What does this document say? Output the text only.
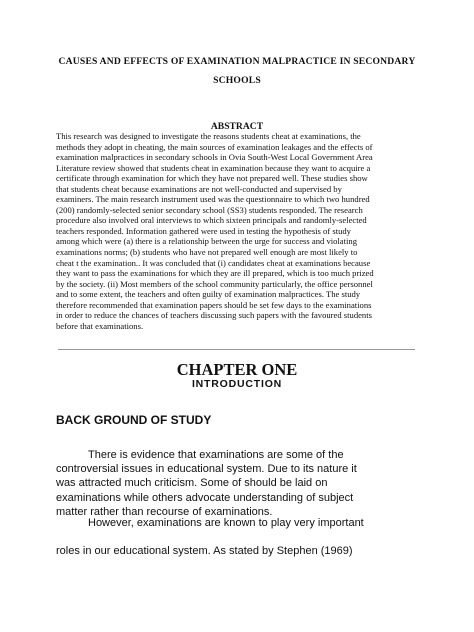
CAUSES AND EFFECTS OF EXAMINATION MALPRACTICE IN SECONDARY
SCHOOLS
ABSTRACT
This research was designed to investigate the reasons students cheat at examinations, the
methods they adopt in cheating, the main sources of examination leakages and the effects of
examination malpractices in secondary schools in Ovia South-West Local Government Area
Literature review showed that students cheat in examination because they want to acquire a
certificate through examination for which they have not prepared well. These studies show
that students cheat because examinations are not well-conducted and supervised by
examiners. The main research instrument used was the questionnaire to which two hundred
(200) randomly-selected senior secondary school (SS3) students responded. The research
procedure also involved oral interviews to which sixteen principals and randomly-selected
teachers responded. Information gathered were used in testing the hypothesis of study
among which were (a) there is a relationship between the urge for success and violating
examinations norms; (b) students who have not prepared well enough are most likely to
cheat t the examination.. It was concluded that (i) candidates cheat at examinations because
they want to pass the examinations for which they are ill prepared, which is too much prized
by the society. (ii) Most members of the school community particularly, the office personnel
and to some extent, the teachers and often guilty of examination malpractices. The study
therefore recommended that examination papers should be set few days to the examinations
in order to reduce the chances of teachers discussing such papers with the favoured students
before that examinations.
CHAPTER ONE
INTRODUCTION
BACK GROUND OF STUDY
There is evidence that examinations are some of the
controversial issues in educational system. Due to its nature it
was attracted much criticism. Some of should be laid on
examinations while others advocate understanding of subject
matter rather than recourse of examinations.
However, examinations are known to play very important
roles in our educational system. As stated by Stephen (1969)
